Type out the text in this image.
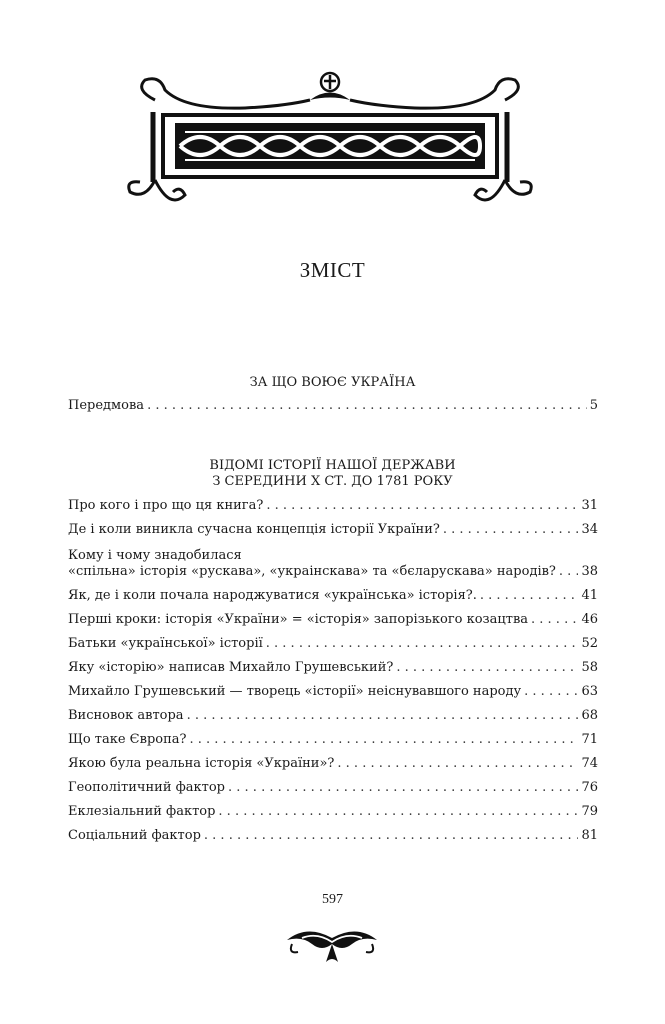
ЗМІСТ
ЗА ЩО ВОЮЄ УКРАЇНА
Передмова . . .	5
ВІДОМІ ІСТОРІЇ НАШОЇ ДЕРЖАВИ
З СЕРЕДИНИ Х СТ. ДО 1781 РОКУ
Про кого і про що ця книга? . . .	31
Де і коли виникла сучасна концепція історії України? . . .	34
Кому і чому знадобилася
«спільна» історія «рускава», «украінскава» та «бєларускава» народів? . . . 38
Як, де і коли почала народжуватися «українська» історія?. . . .	41
Перші кроки: історія «України» = «історія» запорізького козацтва . . .	46
Батьки «української» історії . . .	52
Яку «історію» написав Михайло Грушевський? . . .	58
Михайло Грушевський — творець «історії» неіснувавшого народу . . .	63
Висновок автора . . .	68
Що таке Європа? . . .	71
Якою була реальна історія «України»? . . .	74
Геополітичний фактор . . .	76
Еклезіальний фактор . . .	79
Соціальний фактор . . .	81
597
